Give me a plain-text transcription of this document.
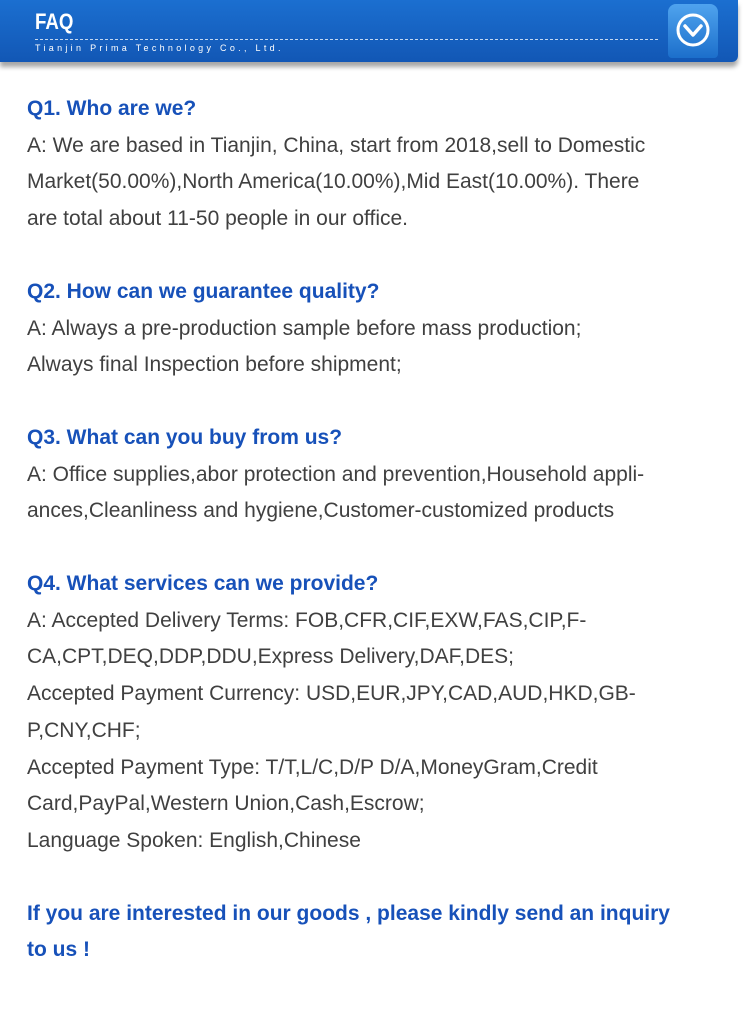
FAQ
Tianjin Prima Technology Co., Ltd.
Q1. Who are we?
A: We are based in Tianjin, China, start from 2018,sell to Domestic
Market(50.00%),North America(10.00%),Mid East(10.00%). There
are total about 11-50 people in our office.
Q2. How can we guarantee quality?
A: Always a pre-production sample before mass production;
Always final Inspection before shipment;
Q3. What can you buy from us?
A: Office supplies,abor protection and prevention,Household appli-
ances,Cleanliness and hygiene,Customer-customized products
Q4. What services can we provide?
A: Accepted Delivery Terms: FOB,CFR,CIF,EXW,FAS,CIP,F-
CA,CPT,DEQ,DDP,DDU,Express Delivery,DAF,DES;
Accepted Payment Currency: USD,EUR,JPY,CAD,AUD,HKD,GB-
P,CNY,CHF;
Accepted Payment Type: T/T,L/C,D/P D/A,MoneyGram,Credit
Card,PayPal,Western Union,Cash,Escrow;
Language Spoken: English,Chinese
If you are interested in our goods , please kindly send an inquiry
to us !
